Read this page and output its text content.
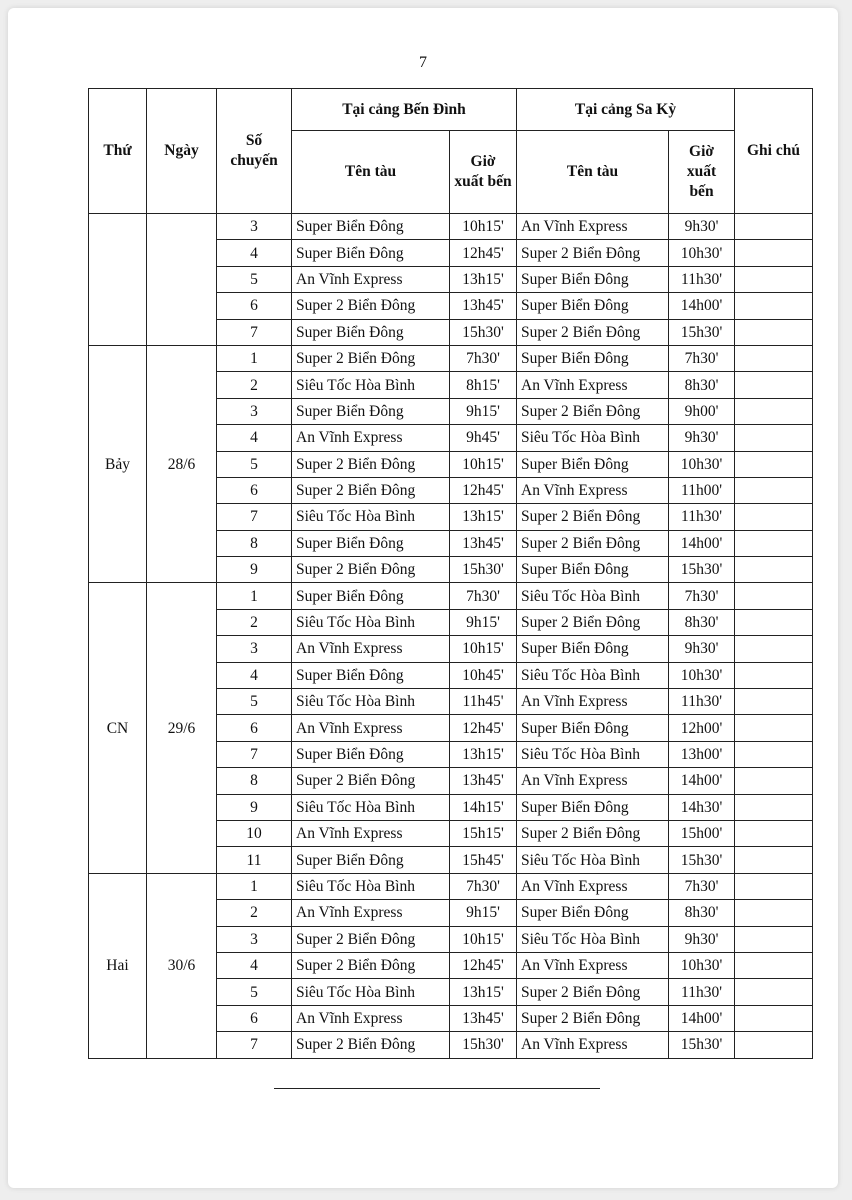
7
Thứ	Ngày	Số chuyến	Tại cảng Bến Đình		Tại cảng Sa Kỳ		Ghi chú
			Tên tàu	Giờ xuất bến	Tên tàu	Giờ xuất bến	
		3	Super Biển Đông	10h15'	An Vĩnh Express	9h30'	
		4	Super Biển Đông	12h45'	Super 2 Biển Đông	10h30'	
		5	An Vĩnh Express	13h15'	Super Biển Đông	11h30'	
		6	Super 2 Biển Đông	13h45'	Super Biển Đông	14h00'	
		7	Super Biển Đông	15h30'	Super 2 Biển Đông	15h30'	
Bảy	28/6	1	Super 2 Biển Đông	7h30'	Super Biển Đông	7h30'	
		2	Siêu Tốc Hòa Bình	8h15'	An Vĩnh Express	8h30'	
		3	Super Biển Đông	9h15'	Super 2 Biển Đông	9h00'	
		4	An Vĩnh Express	9h45'	Siêu Tốc Hòa Bình	9h30'	
		5	Super 2 Biển Đông	10h15'	Super Biển Đông	10h30'	
		6	Super 2 Biển Đông	12h45'	An Vĩnh Express	11h00'	
		7	Siêu Tốc Hòa Bình	13h15'	Super 2 Biển Đông	11h30'	
		8	Super Biển Đông	13h45'	Super 2 Biển Đông	14h00'	
		9	Super 2 Biển Đông	15h30'	Super Biển Đông	15h30'	
CN	29/6	1	Super Biển Đông	7h30'	Siêu Tốc Hòa Bình	7h30'	
		2	Siêu Tốc Hòa Bình	9h15'	Super 2 Biển Đông	8h30'	
		3	An Vĩnh Express	10h15'	Super Biển Đông	9h30'	
		4	Super Biển Đông	10h45'	Siêu Tốc Hòa Bình	10h30'	
		5	Siêu Tốc Hòa Bình	11h45'	An Vĩnh Express	11h30'	
		6	An Vĩnh Express	12h45'	Super Biển Đông	12h00'	
		7	Super Biển Đông	13h15'	Siêu Tốc Hòa Bình	13h00'	
		8	Super 2 Biển Đông	13h45'	An Vĩnh Express	14h00'	
		9	Siêu Tốc Hòa Bình	14h15'	Super Biển Đông	14h30'	
		10	An Vĩnh Express	15h15'	Super 2 Biển Đông	15h00'	
		11	Super Biển Đông	15h45'	Siêu Tốc Hòa Bình	15h30'	
Hai	30/6	1	Siêu Tốc Hòa Bình	7h30'	An Vĩnh Express	7h30'	
		2	An Vĩnh Express	9h15'	Super Biển Đông	8h30'	
		3	Super 2 Biển Đông	10h15'	Siêu Tốc Hòa Bình	9h30'	
		4	Super 2 Biển Đông	12h45'	An Vĩnh Express	10h30'	
		5	Siêu Tốc Hòa Bình	13h15'	Super 2 Biển Đông	11h30'	
		6	An Vĩnh Express	13h45'	Super 2 Biển Đông	14h00'	
		7	Super 2 Biển Đông	15h30'	An Vĩnh Express	15h30'	
